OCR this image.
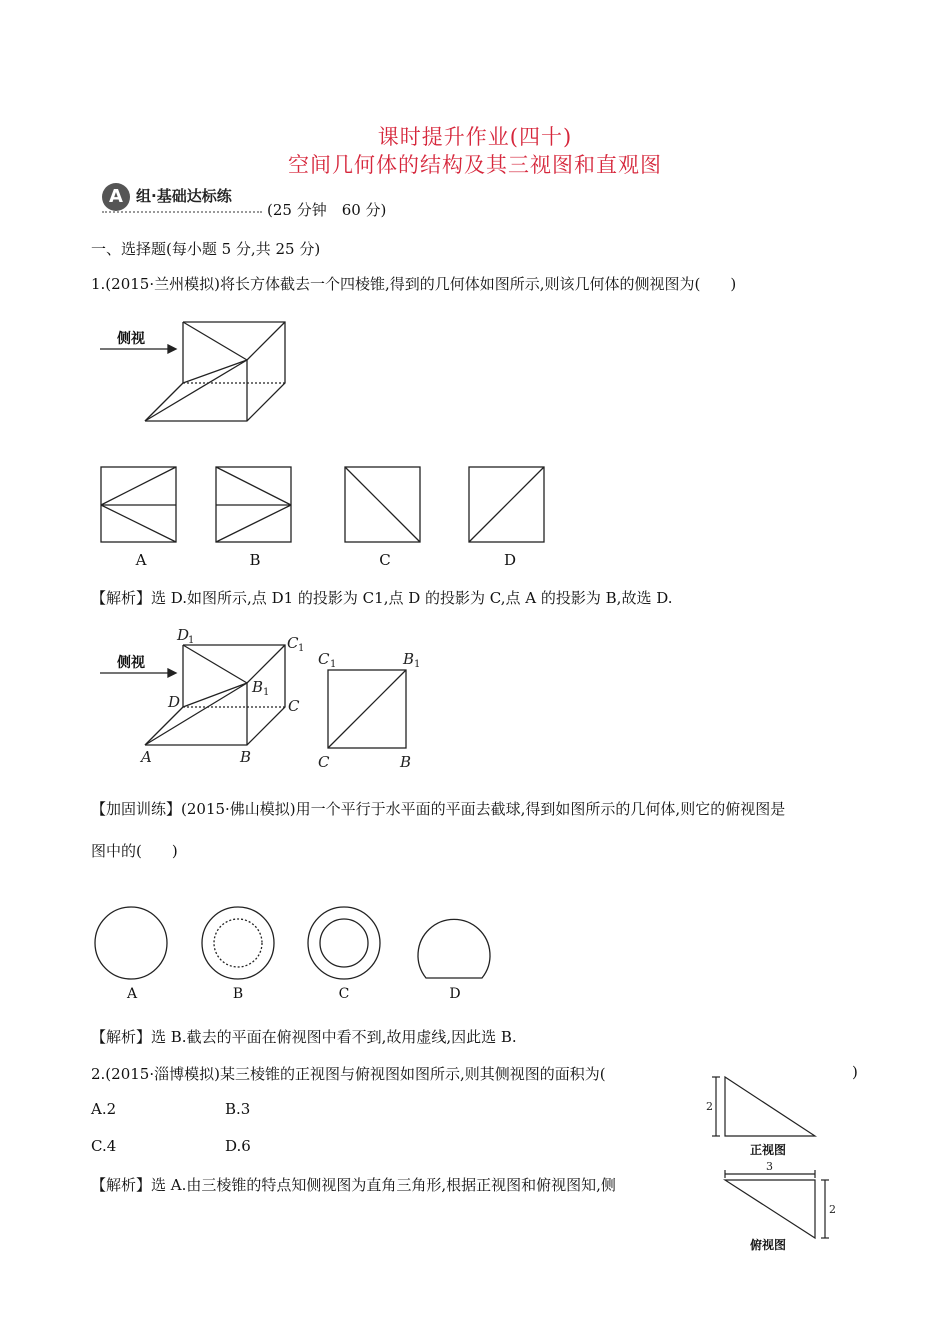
课时提升作业(四十)
空间几何体的结构及其三视图和直观图
A 组·基础达标练
(25 分钟　60 分)
一、选择题(每小题 5 分,共 25 分)
1.(2015·兰州模拟)将长方体截去一个四棱锥,得到的几何体如图所示,则该几何体的侧视图为(　　)
侧视
A	B	C	D
【解析】选 D.如图所示,点 D1 的投影为 C1,点 D 的投影为 C,点 A 的投影为 B,故选 D.
D
1	C 1
B 1
D	C
A	B
C 1	B 1
C	B
侧视
【加固训练】(2015·佛山模拟)用一个平行于水平面的平面去截球,得到如图所示的几何体,则它的俯视图是
图中的(　　)
A	B	C	D
【解析】选 B.截去的平面在俯视图中看不到,故用虚线,因此选 B.
2.(2015·淄博模拟)某三棱锥的正视图与俯视图如图所示,则其侧视图的面积为(	)
A.2	B.3
C.4	D.6
【解析】选 A.由三棱锥的特点知侧视图为直角三角形,根据正视图和俯视图知,侧
2
3
2
正视图
俯视图
